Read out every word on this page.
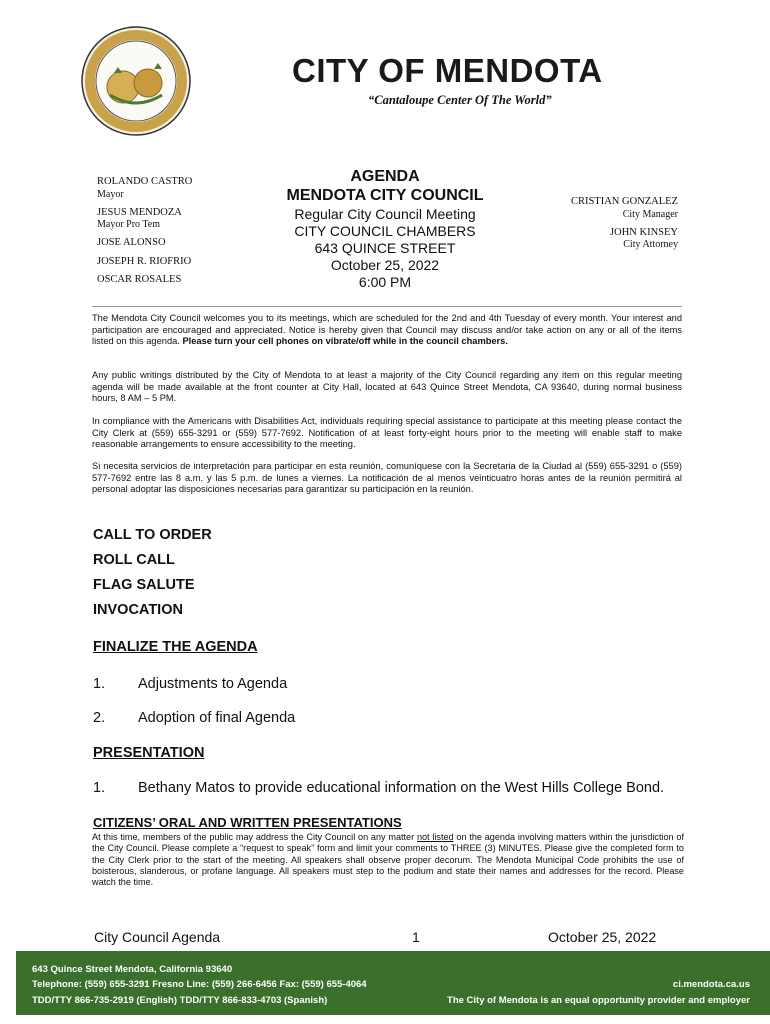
CITY OF MENDOTA
“Cantaloupe Center Of The World”
ROLANDO CASTRO
Mayor
JESUS MENDOZA
Mayor Pro Tem
JOSE ALONSO
JOSEPH R. RIOFRIO
OSCAR ROSALES
AGENDA
MENDOTA CITY COUNCIL
Regular City Council Meeting
CITY COUNCIL CHAMBERS
643 QUINCE STREET
October 25, 2022
6:00 PM
CRISTIAN GONZALEZ
City Manager
JOHN KINSEY
City Attorney
The Mendota City Council welcomes you to its meetings, which are scheduled for the 2nd and 4th Tuesday of every month. Your interest and participation are encouraged and appreciated. Notice is hereby given that Council may discuss and/or take action on any or all of the items listed on this agenda. Please turn your cell phones on vibrate/off while in the council chambers.
Any public writings distributed by the City of Mendota to at least a majority of the City Council regarding any item on this regular meeting agenda will be made available at the front counter at City Hall, located at 643 Quince Street Mendota, CA 93640, during normal business hours, 8 AM – 5 PM.
In compliance with the Americans with Disabilities Act, individuals requiring special assistance to participate at this meeting please contact the City Clerk at (559) 655-3291 or (559) 577-7692. Notification of at least forty-eight hours prior to the meeting will enable staff to make reasonable arrangements to ensure accessibility to the meeting.
Si necesita servicios de interpretación para participar en esta reunión, comuníquese con la Secretaria de la Ciudad al (559) 655-3291 o (559) 577-7692 entre las 8 a.m. y las 5 p.m. de lunes a viernes. La notificación de al menos veinticuatro horas antes de la reunión permitirá al personal adoptar las disposiciones necesarias para garantizar su participación en la reunión.
CALL TO ORDER
ROLL CALL
FLAG SALUTE
INVOCATION
FINALIZE THE AGENDA
1. Adjustments to Agenda
2. Adoption of final Agenda
PRESENTATION
1. Bethany Matos to provide educational information on the West Hills College Bond.
CITIZENS’ ORAL AND WRITTEN PRESENTATIONS
At this time, members of the public may address the City Council on any matter not listed on the agenda involving matters within the jurisdiction of the City Council. Please complete a “request to speak” form and limit your comments to THREE (3) MINUTES. Please give the completed form to the City Clerk prior to the start of the meeting. All speakers shall observe proper decorum. The Mendota Municipal Code prohibits the use of boisterous, slanderous, or profane language. All speakers must step to the podium and state their names and addresses for the record. Please watch the time.
City Council Agenda	1	October 25, 2022
643 Quince Street Mendota, California 93640
Telephone: (559) 655-3291 Fresno Line: (559) 266-6456 Fax: (559) 655-4064
TDD/TTY 866-735-2919 (English) TDD/TTY 866-833-4703 (Spanish)
ci.mendota.ca.us
The City of Mendota is an equal opportunity provider and employer
